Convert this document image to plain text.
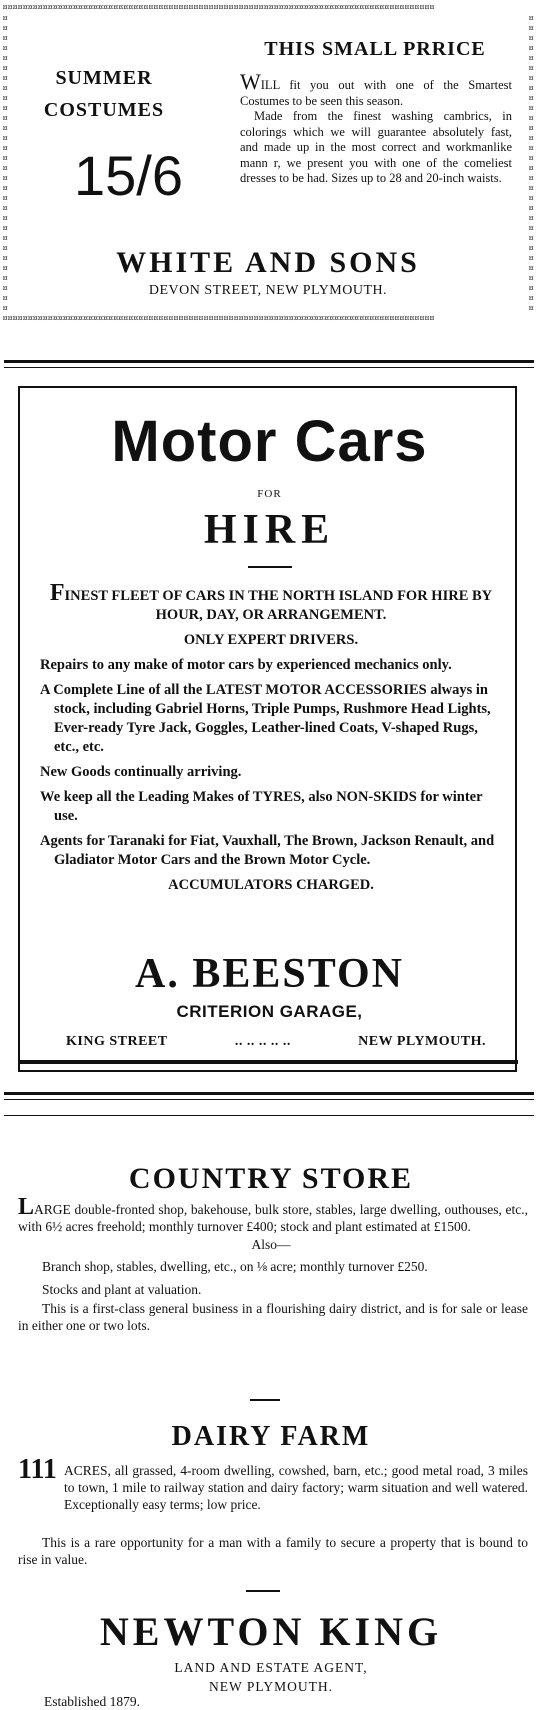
¤¤¤¤¤¤¤¤¤¤¤¤¤¤¤¤¤¤¤¤¤¤¤¤¤¤¤¤¤¤¤¤¤¤¤¤¤¤¤¤¤¤¤¤¤¤¤¤¤¤¤¤¤¤¤¤¤¤¤¤¤¤¤¤¤¤¤¤¤¤¤¤¤¤¤¤¤¤¤¤¤¤¤¤¤¤
¤¤¤¤¤¤¤¤¤¤¤¤¤¤¤¤¤¤¤¤¤¤¤¤¤¤¤¤¤¤¤¤¤¤¤¤¤¤¤¤¤¤¤¤¤¤¤¤¤¤¤¤¤¤¤¤¤¤¤¤¤¤¤¤¤¤¤¤¤¤¤¤¤¤¤¤¤¤¤¤¤¤¤¤¤¤
¤¤¤¤¤¤¤¤¤¤¤¤¤¤¤¤¤¤¤¤¤¤¤¤¤¤¤¤¤¤
¤¤¤¤¤¤¤¤¤¤¤¤¤¤¤¤¤¤¤¤¤¤¤¤¤¤¤¤¤¤
SUMMER
COSTUMES
15/6
THIS SMALL PRRICE

WILL fit you out with one of the Smartest Costumes to be seen this season.

Made from the finest washing cambrics, in colorings which we will guarantee absolutely fast, and made up in the most correct and workmanlike mann r, we present you with one of the comeliest dresses to be had. Sizes up to 28 and 20-inch waists.

WHITE AND SONS
DEVON STREET, NEW PLYMOUTH.
Motor Cars
FOR
HIRE

FINEST FLEET OF CARS IN THE NORTH ISLAND FOR HIRE BY HOUR, DAY, OR ARRANGEMENT.

ONLY EXPERT DRIVERS.

Repairs to any make of motor cars by experienced mechanics only.

A Complete Line of all the LATEST MOTOR ACCESSORIES always in stock, including Gabriel Horns, Triple Pumps, Rushmore Head Lights, Ever-ready Tyre Jack, Goggles, Leather-lined Coats, V-shaped Rugs, etc., etc.

New Goods continually arriving.

We keep all the Leading Makes of TYRES, also NON-SKIDS for winter use.

Agents for Taranaki for Fiat, Vauxhall, The Brown, Jackson Renault, and Gladiator Motor Cars and the Brown Motor Cycle.

ACCUMULATORS CHARGED.

A. BEESTON
CRITERION GARAGE,
KING STREET	.. .. .. .. ..	NEW PLYMOUTH.
COUNTRY STORE

LARGE double-fronted shop, bakehouse, bulk store, stables, large dwelling, outhouses, etc., with 6½ acres freehold; monthly turnover £400; stock and plant estimated at £1500.

Also—

Branch shop, stables, dwelling, etc., on ⅛ acre; monthly turnover £250.

Stocks and plant at valuation.

This is a first-class general business in a flourishing dairy district, and is for sale or lease in either one or two lots.

DAIRY FARM
111 ACRES, all grassed, 4-room dwelling, cowshed, barn, etc.; good metal road, 3 miles to town, 1 mile to railway station and dairy factory; warm situation and well watered. Exceptionally easy terms; low price.

This is a rare opportunity for a man with a family to secure a property that is bound to rise in value.

NEWTON KING
LAND AND ESTATE AGENT,
NEW PLYMOUTH.
Established 1879.
